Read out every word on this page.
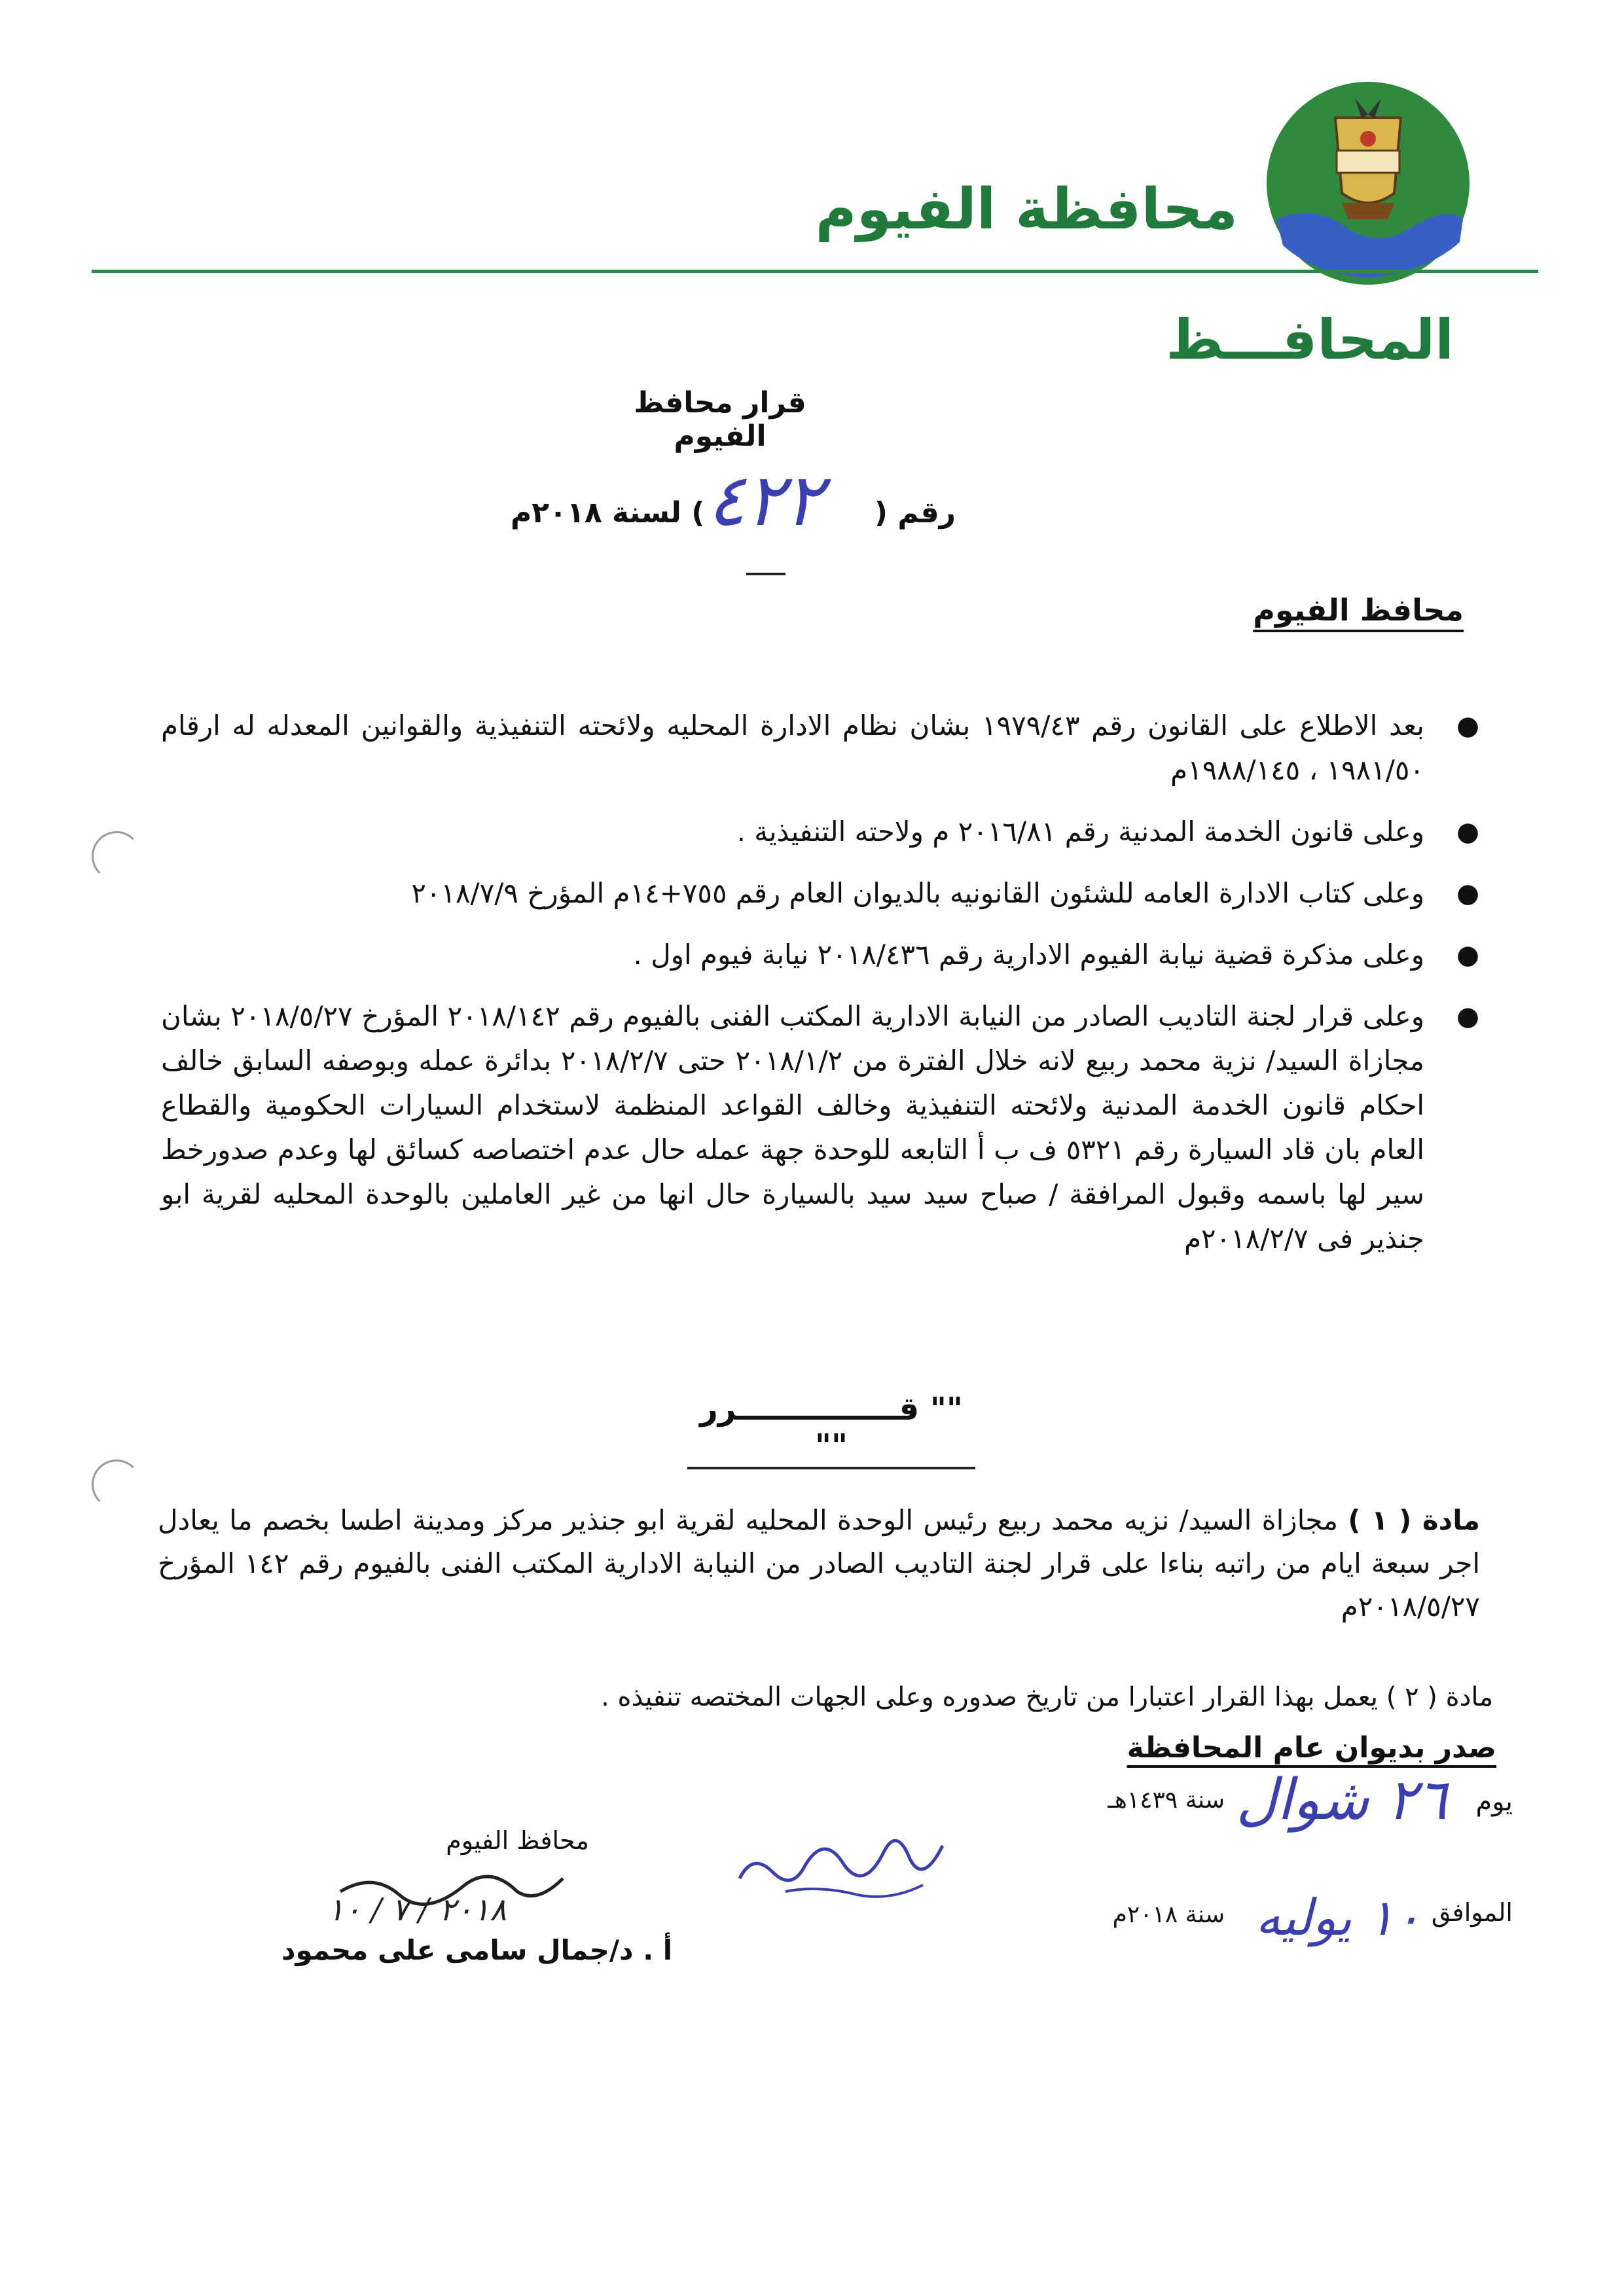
محافظة الفيوم
المحافـــظ
قرار محافظ الفيوم
رقم (
٤٢٢
) لسنة ٢٠١٨م
محافظ الفيوم
●
بعد الاطلاع على القانون رقم ١٩٧٩/٤٣ بشان نظام الادارة المحليه ولائحته التنفيذية والقوانين المعدله له ارقام ١٩٨١/٥٠ ، ١٩٨٨/١٤٥م
●
وعلى قانون الخدمة المدنية رقم ٢٠١٦/٨١ م ولاحته التنفيذية .
●
وعلى كتاب الادارة العامه للشئون القانونيه بالديوان العام رقم ٧٥٥+١٤م المؤرخ ٢٠١٨/٧/٩
●
وعلى مذكرة قضية نيابة الفيوم الادارية رقم ٢٠١٨/٤٣٦ نيابة فيوم اول .
●
وعلى قرار لجنة التاديب الصادر من النيابة الادارية المكتب الفنى بالفيوم رقم ٢٠١٨/١٤٢ المؤرخ ٢٠١٨/٥/٢٧ بشان مجازاة السيد/ نزية محمد ربيع لانه خلال الفترة من ٢٠١٨/١/٢ حتى ٢٠١٨/٢/٧ بدائرة عمله وبوصفه السابق خالف احكام قانون الخدمة المدنية ولائحته التنفيذية وخالف القواعد المنظمة لاستخدام السيارات الحكومية والقطاع العام بان قاد السيارة رقم ٥٣٢١ ف ب أ التابعه للوحدة جهة عمله حال عدم اختصاصه كسائق لها وعدم صدورخط سير لها باسمه وقبول المرافقة / صباح سيد سيد بالسيارة حال انها من غير العاملين بالوحدة المحليه لقرية ابو جنذير فى ٢٠١٨/٢/٧م
"" قـــــــــــــــرر ""
مادة ( ١ ) مجازاة السيد/ نزيه محمد ربيع رئيس الوحدة المحليه لقرية ابو جنذير مركز ومدينة اطسا بخصم ما يعادل اجر سبعة ايام من راتبه بناءا على قرار لجنة التاديب الصادر من النيابة الادارية المكتب الفنى بالفيوم رقم ١٤٢ المؤرخ ٢٠١٨/٥/٢٧م
مادة ( ٢ ) يعمل بهذا القرار اعتبارا من تاريخ صدوره وعلى الجهات المختصه تنفيذه .
صدر بديوان عام المحافظة
يوم
٢٦ شوال
سنة ١٤٣٩هـ
الموافق
١٠ يوليه
سنة ٢٠١٨م
محافظ الفيوم
٢٠١٨ / ٧ / ١٠
أ . د/جمال سامى على محمود
